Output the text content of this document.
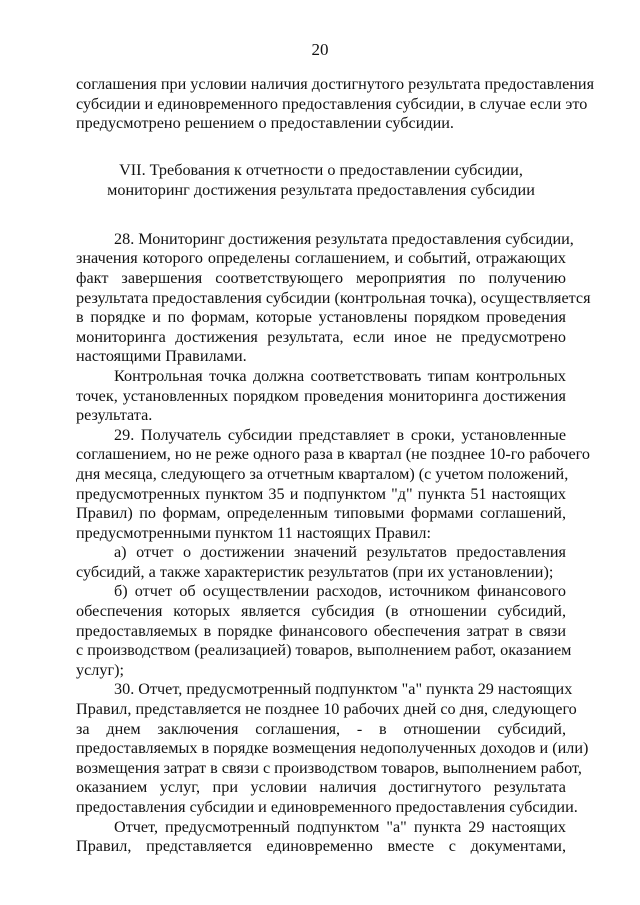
20
соглашения при условии наличия достигнутого результата предоставления
субсидии и единовременного предоставления субсидии, в случае если это
предусмотрено решением о предоставлении субсидии.
VII. Требования к отчетности о предоставлении субсидии,
мониторинг достижения результата предоставления субсидии
28. Мониторинг достижения результата предоставления субсидии,
значения которого определены соглашением, и событий, отражающих
факт завершения соответствующего мероприятия по получению
результата предоставления субсидии (контрольная точка), осуществляется
в порядке и по формам, которые установлены порядком проведения
мониторинга достижения результата, если иное не предусмотрено
настоящими Правилами.
Контрольная точка должна соответствовать типам контрольных
точек, установленных порядком проведения мониторинга достижения
результата.
29. Получатель субсидии представляет в сроки, установленные
соглашением, но не реже одного раза в квартал (не позднее 10-го рабочего
дня месяца, следующего за отчетным кварталом) (с учетом положений,
предусмотренных пунктом 35 и подпунктом "д" пункта 51 настоящих
Правил) по формам, определенным типовыми формами соглашений,
предусмотренными пунктом 11 настоящих Правил:
а) отчет о достижении значений результатов предоставления
субсидий, а также характеристик результатов (при их установлении);
б) отчет об осуществлении расходов, источником финансового
обеспечения которых является субсидия (в отношении субсидий,
предоставляемых в порядке финансового обеспечения затрат в связи
с производством (реализацией) товаров, выполнением работ, оказанием
услуг);
30. Отчет, предусмотренный подпунктом "а" пункта 29 настоящих
Правил, представляется не позднее 10 рабочих дней со дня, следующего
за днем заключения соглашения, - в отношении субсидий,
предоставляемых в порядке возмещения недополученных доходов и (или)
возмещения затрат в связи с производством товаров, выполнением работ,
оказанием услуг, при условии наличия достигнутого результата
предоставления субсидии и единовременного предоставления субсидии.
Отчет, предусмотренный подпунктом "а" пункта 29 настоящих
Правил, представляется единовременно вместе с документами,
